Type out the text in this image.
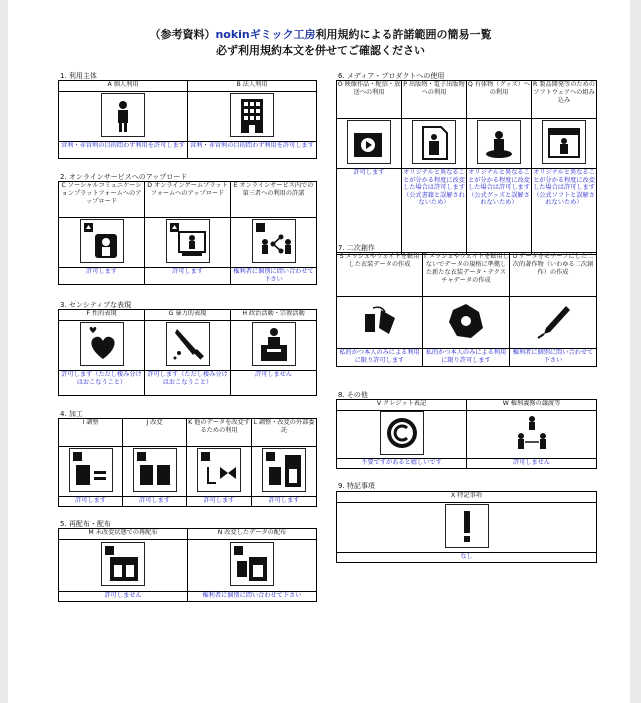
（参考資料）nokinギミック工房利用規約による許諾範囲の簡易一覧
必ず利用規約本文を併せてご確認ください
1. 利用主体
A 個人利用	B 法人利用

営利・非営利の目的問わず利用を許可します	営利・非営利の目的問わず利用を許可します
2. オンラインサービスへのアップロード
C ソーシャルコミュニケーションプラットフォームへのアップロード	D オンラインゲームプラットフォームへのアップロード	E オンラインサービス内での第三者への利用の許諾

許可します	許可します	権利者に個別に問い合わせて下さい
3. センシティブな表現
F 性的表現	G 暴力的表現	H 政治活動・宗教活動

許可します（ただし棲み分けはおこなうこと）	許可します（ただし棲み分けはおこなうこと）	許可しません
4. 加工
I 調整	J 改変	K 他のデータを改変するための利用	L 調整・改変の外部委託

許可します	許可します	許可します	許可します
5. 再配布・配布
M 未改変状態での再配布	N 改変したデータの配布

許可しません	権利者に個別に問い合わせて下さい
6. メディア・プロダクトへの使用
O 映像作品・配信・放送への利用	P 出版物・電子出版物への利用	Q 有体物（グッズ）への利用	R 製品開発等のためのソフトウェアへの組み込み

許可します	オリジナルと異なることが分かる程度に改変した場合は許可します（公式書籍と誤解されないため）	オリジナルと異なることが分かる程度に改変した場合は許可します（公式グッズと誤解されないため）	オリジナルと異なることが分かる程度に改変した場合は許可します（公式ソフトと誤解されないため）
7. 二次創作
S メッシュやウェイトを転用した衣装データの作成	T メッシュやウェイトを転用しないでデータの規格に準拠した新たな衣装データ・テクスチャデータの作成	U データをモチーフにした二次的著作物（いわゆる二次創作）の作成

私的かつ本人のみによる利用に限り許可します	私的かつ本人のみによる利用に限り許可します	権利者に個別に問い合わせて下さい
8. その他
V クレジット表記	W 権利義務の譲渡等

不要ですがあると嬉しいです	許可しません
9. 特記事項
X 特記事項

なし
